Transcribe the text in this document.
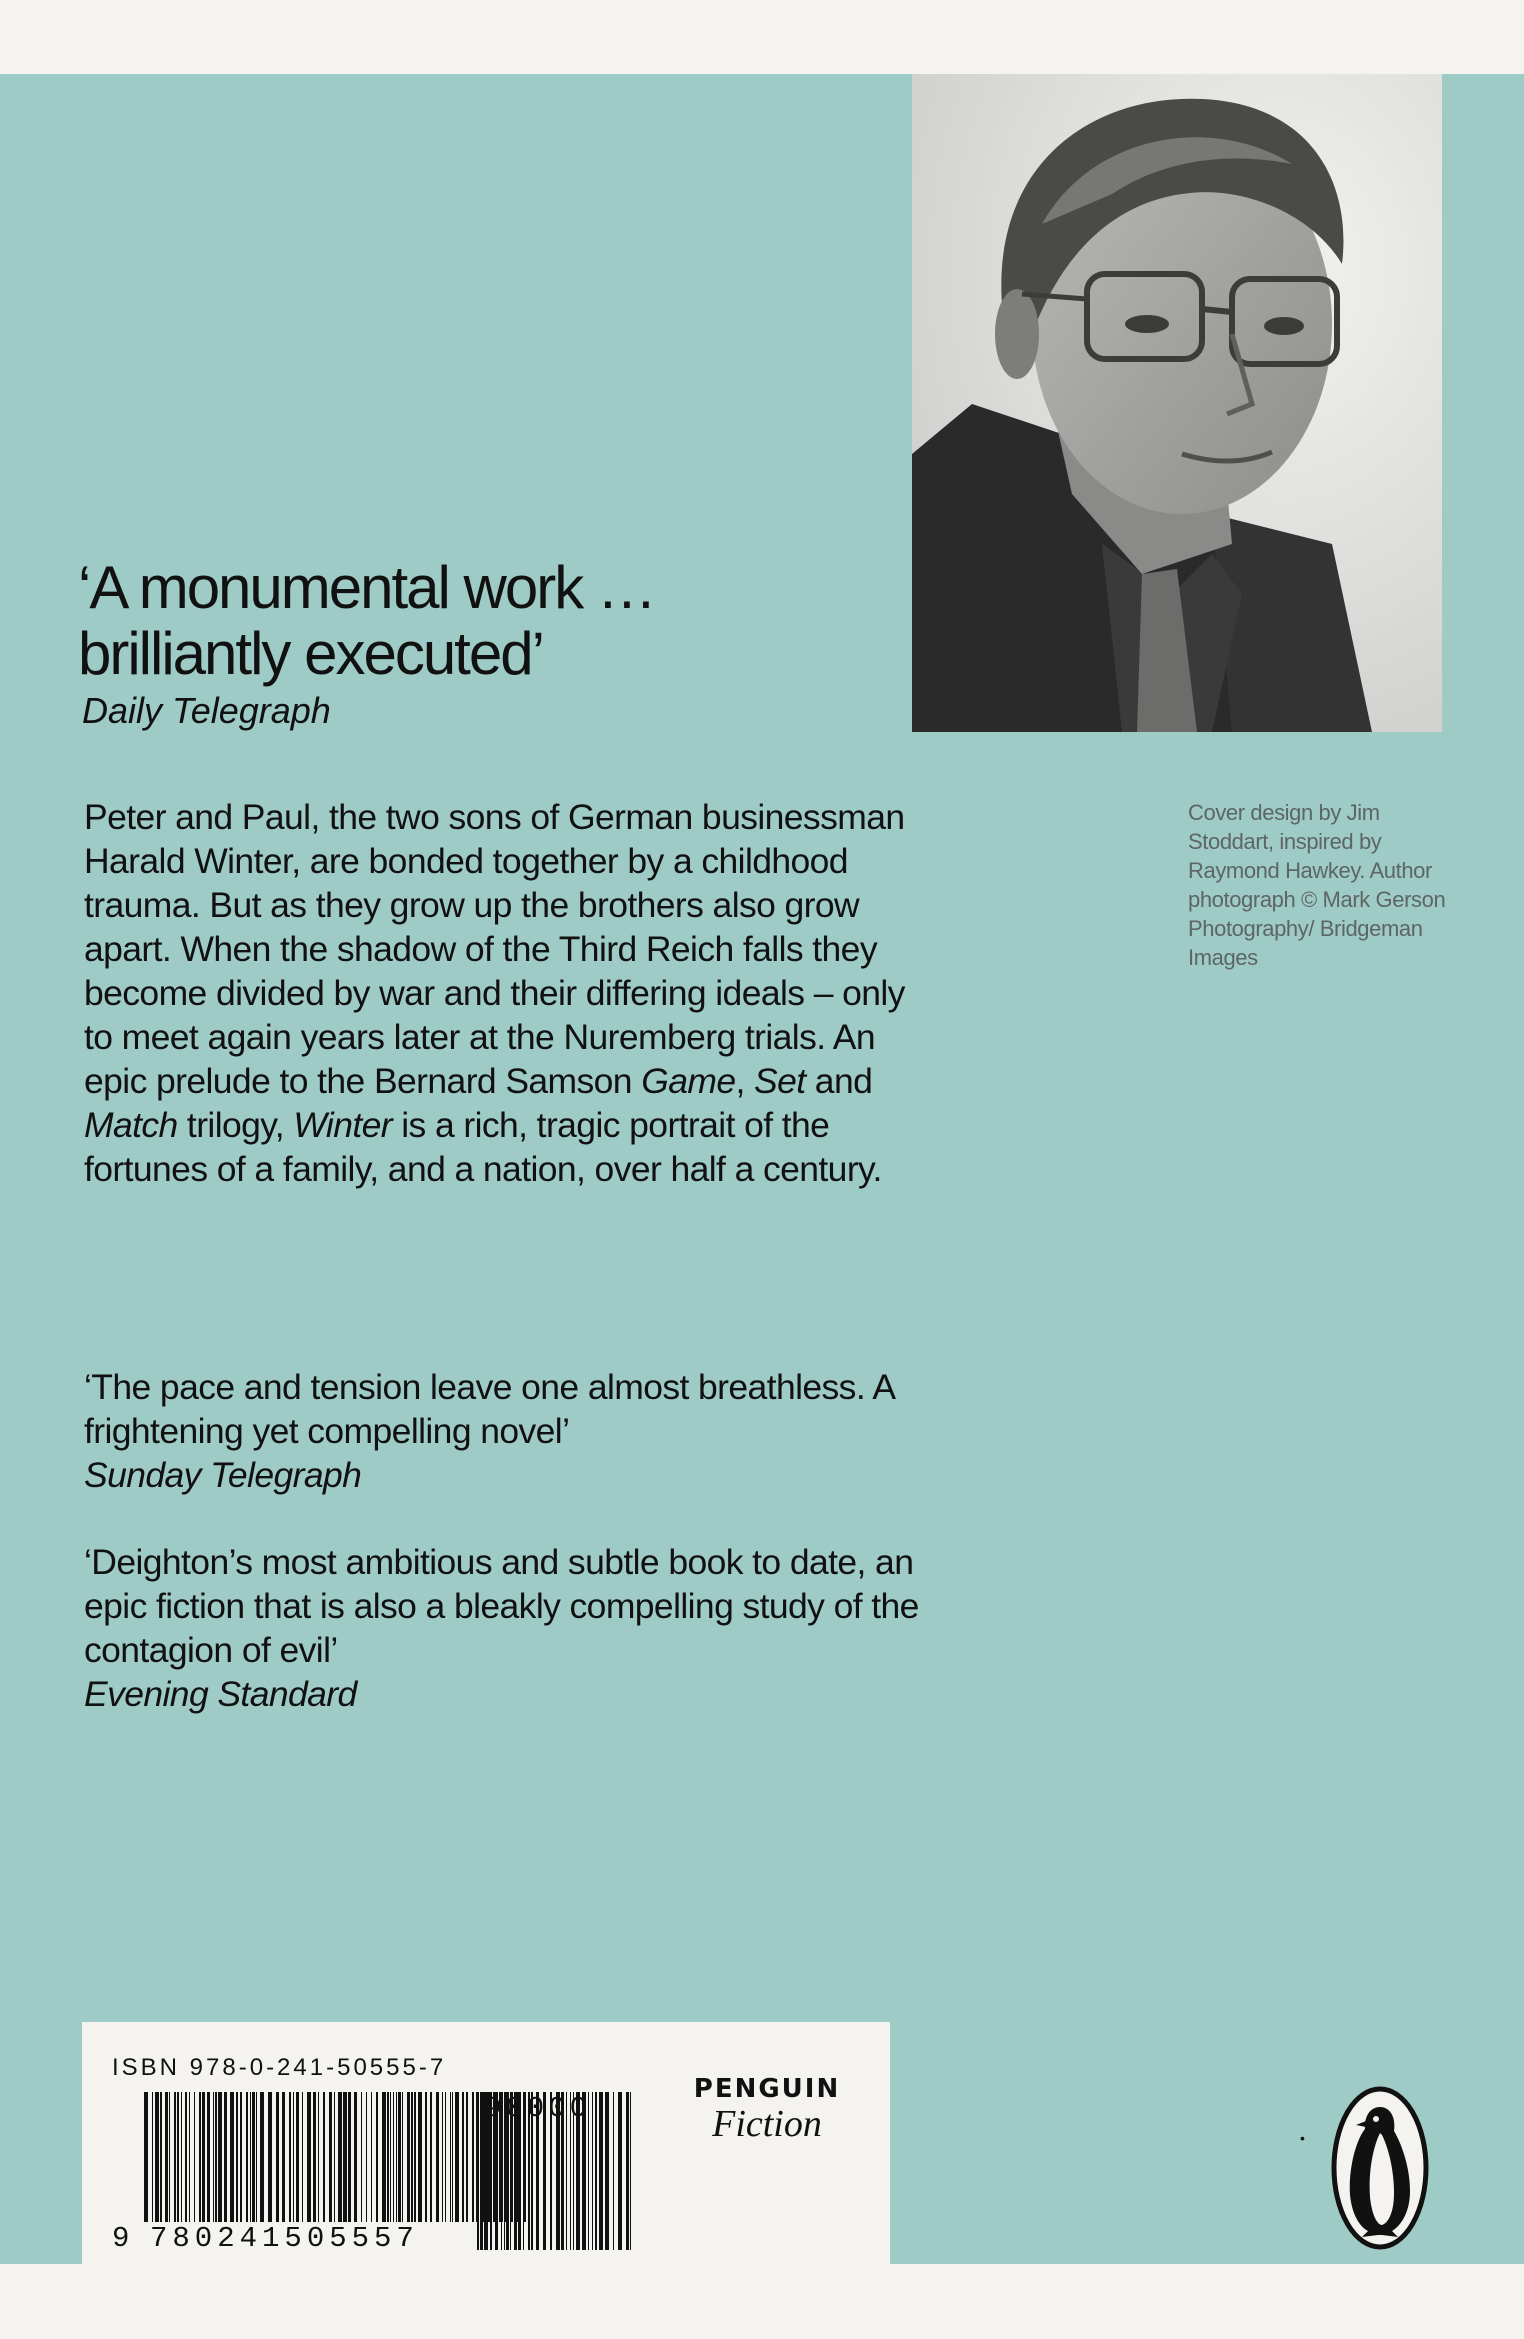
‘A monumental work …
brilliantly executed’
Daily Telegraph
Peter and Paul, the two sons of German businessman Harald Winter, are bonded together by a childhood trauma. But as they grow up the brothers also grow apart. When the shadow of the Third Reich falls they become divided by war and their differing ideals – only to meet again years later at the Nuremberg trials. An epic prelude to the Bernard Samson Game, Set and Match trilogy, Winter is a rich, tragic portrait of the fortunes of a family, and a nation, over half a century.
‘The pace and tension leave one almost breathless. A frightening yet compelling novel’
Sunday Telegraph
‘Deighton’s most ambitious and subtle book to date, an epic fiction that is also a bleakly compelling study of the contagion of evil’
Evening Standard
Cover design by Jim Stoddart, inspired by Raymond Hawkey. Author photograph © Mark Gerson Photography/ Bridgeman Images
ISBN 978-0-241-50555-7
90000
9 780241505557
PENGUIN
Fiction	•
